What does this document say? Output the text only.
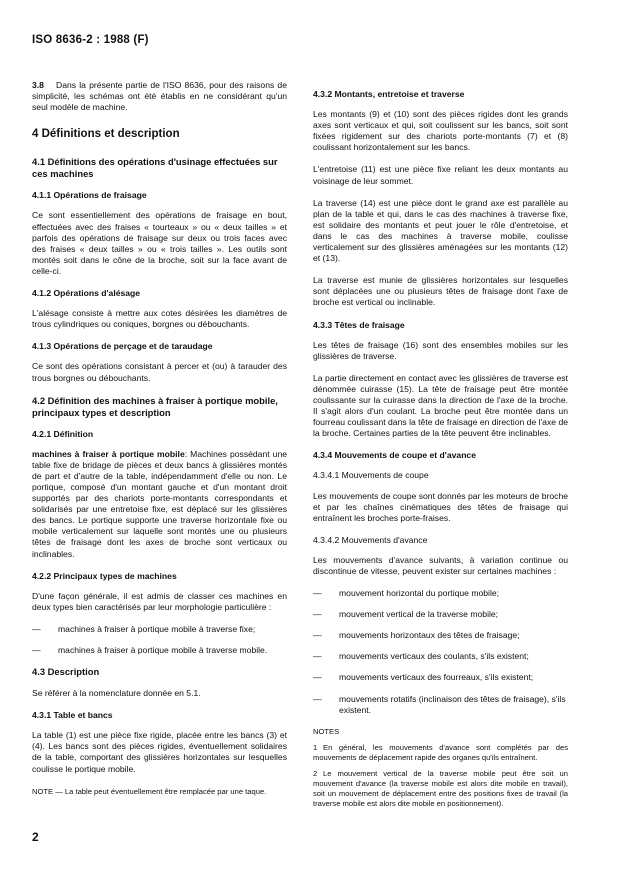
ISO 8636-2 : 1988 (F)

3.8 Dans la présente partie de l'ISO 8636, pour des raisons de simplicité, les schémas ont été établis en ne considérant qu'un seul modèle de machine.

4 Définitions et description
4.1 Définitions des opérations d'usinage effectuées sur ces machines
4.1.1 Opérations de fraisage

Ce sont essentiellement des opérations de fraisage en bout, effectuées avec des fraises « tourteaux » ou « deux tailles » et parfois des opérations de fraisage sur deux ou trois faces avec des fraises « deux tailles » ou « trois tailles ». Les outils sont montés soit dans le cône de la broche, soit sur la face avant de celle-ci.

4.1.2 Opérations d'alésage

L'alésage consiste à mettre aux cotes désirées les diamètres de trous cylindriques ou coniques, borgnes ou débouchants.

4.1.3 Opérations de perçage et de taraudage

Ce sont des opérations consistant à percer et (ou) à tarauder des trous borgnes ou débouchants.

4.2 Définition des machines à fraiser à portique mobile, principaux types et description
4.2.1 Définition

machines à fraiser à portique mobile: Machines possédant une table fixe de bridage de pièces et deux bancs à glissières montés de part et d'autre de la table, indépendamment d'elle ou non. Le portique, composé d'un montant gauche et d'un montant droit supportés par des chariots porte-montants correspondants et solidarisés par une entretoise fixe, est déplacé sur les glissières des bancs. Le portique supporte une traverse horizontale fixe ou mobile verticalement sur laquelle sont montés une ou plusieurs têtes de fraisage dont les axes de broche sont verticaux ou inclinables.

4.2.2 Principaux types de machines

D'une façon générale, il est admis de classer ces machines en deux types bien caractérisés par leur morphologie particulière :

— machines à fraiser à portique mobile à traverse fixe;
— machines à fraiser à portique mobile à traverse mobile.
4.3 Description

Se référer à la nomenclature donnée en 5.1.

4.3.1 Table et bancs

La table (1) est une pièce fixe rigide, placée entre les bancs (3) et (4). Les bancs sont des pièces rigides, éventuellement solidaires de la table, comportant des glissières horizontales sur lesquelles coulisse le portique mobile.

NOTE — La table peut éventuellement être remplacée par une taque.

4.3.2 Montants, entretoise et traverse

Les montants (9) et (10) sont des pièces rigides dont les grands axes sont verticaux et qui, soit coulissent sur les bancs, soit sont fixées rigidement sur des chariots porte-montants (7) et (8) coulissant horizontalement sur les bancs.

L'entretoise (11) est une pièce fixe reliant les deux montants au voisinage de leur sommet.

La traverse (14) est une pièce dont le grand axe est parallèle au plan de la table et qui, dans le cas des machines à traverse fixe, est solidaire des montants et peut jouer le rôle d'entretoise, et dans le cas des machines à traverse mobile, coulisse verticalement sur des glissières aménagées sur les montants (12) et (13).

La traverse est munie de glissières horizontales sur lesquelles sont déplacées une ou plusieurs têtes de fraisage dont l'axe de broche est vertical ou inclinable.

4.3.3 Têtes de fraisage

Les têtes de fraisage (16) sont des ensembles mobiles sur les glissières de traverse.

La partie directement en contact avec les glissières de traverse est dénommée cuirasse (15). La tête de fraisage peut être montée coulissante sur la cuirasse dans la direction de l'axe de la broche. Il s'agit alors d'un coulant. La broche peut être montée dans un fourreau coulissant dans la tête de fraisage en direction de l'axe de la broche. Certaines parties de la tête peuvent être inclinables.

4.3.4 Mouvements de coupe et d'avance
4.3.4.1 Mouvements de coupe

Les mouvements de coupe sont donnés par les moteurs de broche et par les chaînes cinématiques des têtes de fraisage qui entraînent les broches porte-fraises.

4.3.4.2 Mouvements d'avance

Les mouvements d'avance suivants, à variation continue ou discontinue de vitesse, peuvent exister sur certaines machines :

— mouvement horizontal du portique mobile;
— mouvement vertical de la traverse mobile;
— mouvements horizontaux des têtes de fraisage;
— mouvements verticaux des coulants, s'ils existent;
— mouvements verticaux des fourreaux, s'ils existent;
— mouvements rotatifs (inclinaison des têtes de fraisage), s'ils existent.
NOTES

1 En général, les mouvements d'avance sont complétés par des mouvements de déplacement rapide des organes qu'ils entraînent.

2 Le mouvement vertical de la traverse mobile peut être soit un mouvement d'avance (la traverse mobile est alors dite mobile en travail), soit un mouvement de déplacement entre des positions fixes de travail (la traverse mobile est alors dite mobile en positionnement).

2
